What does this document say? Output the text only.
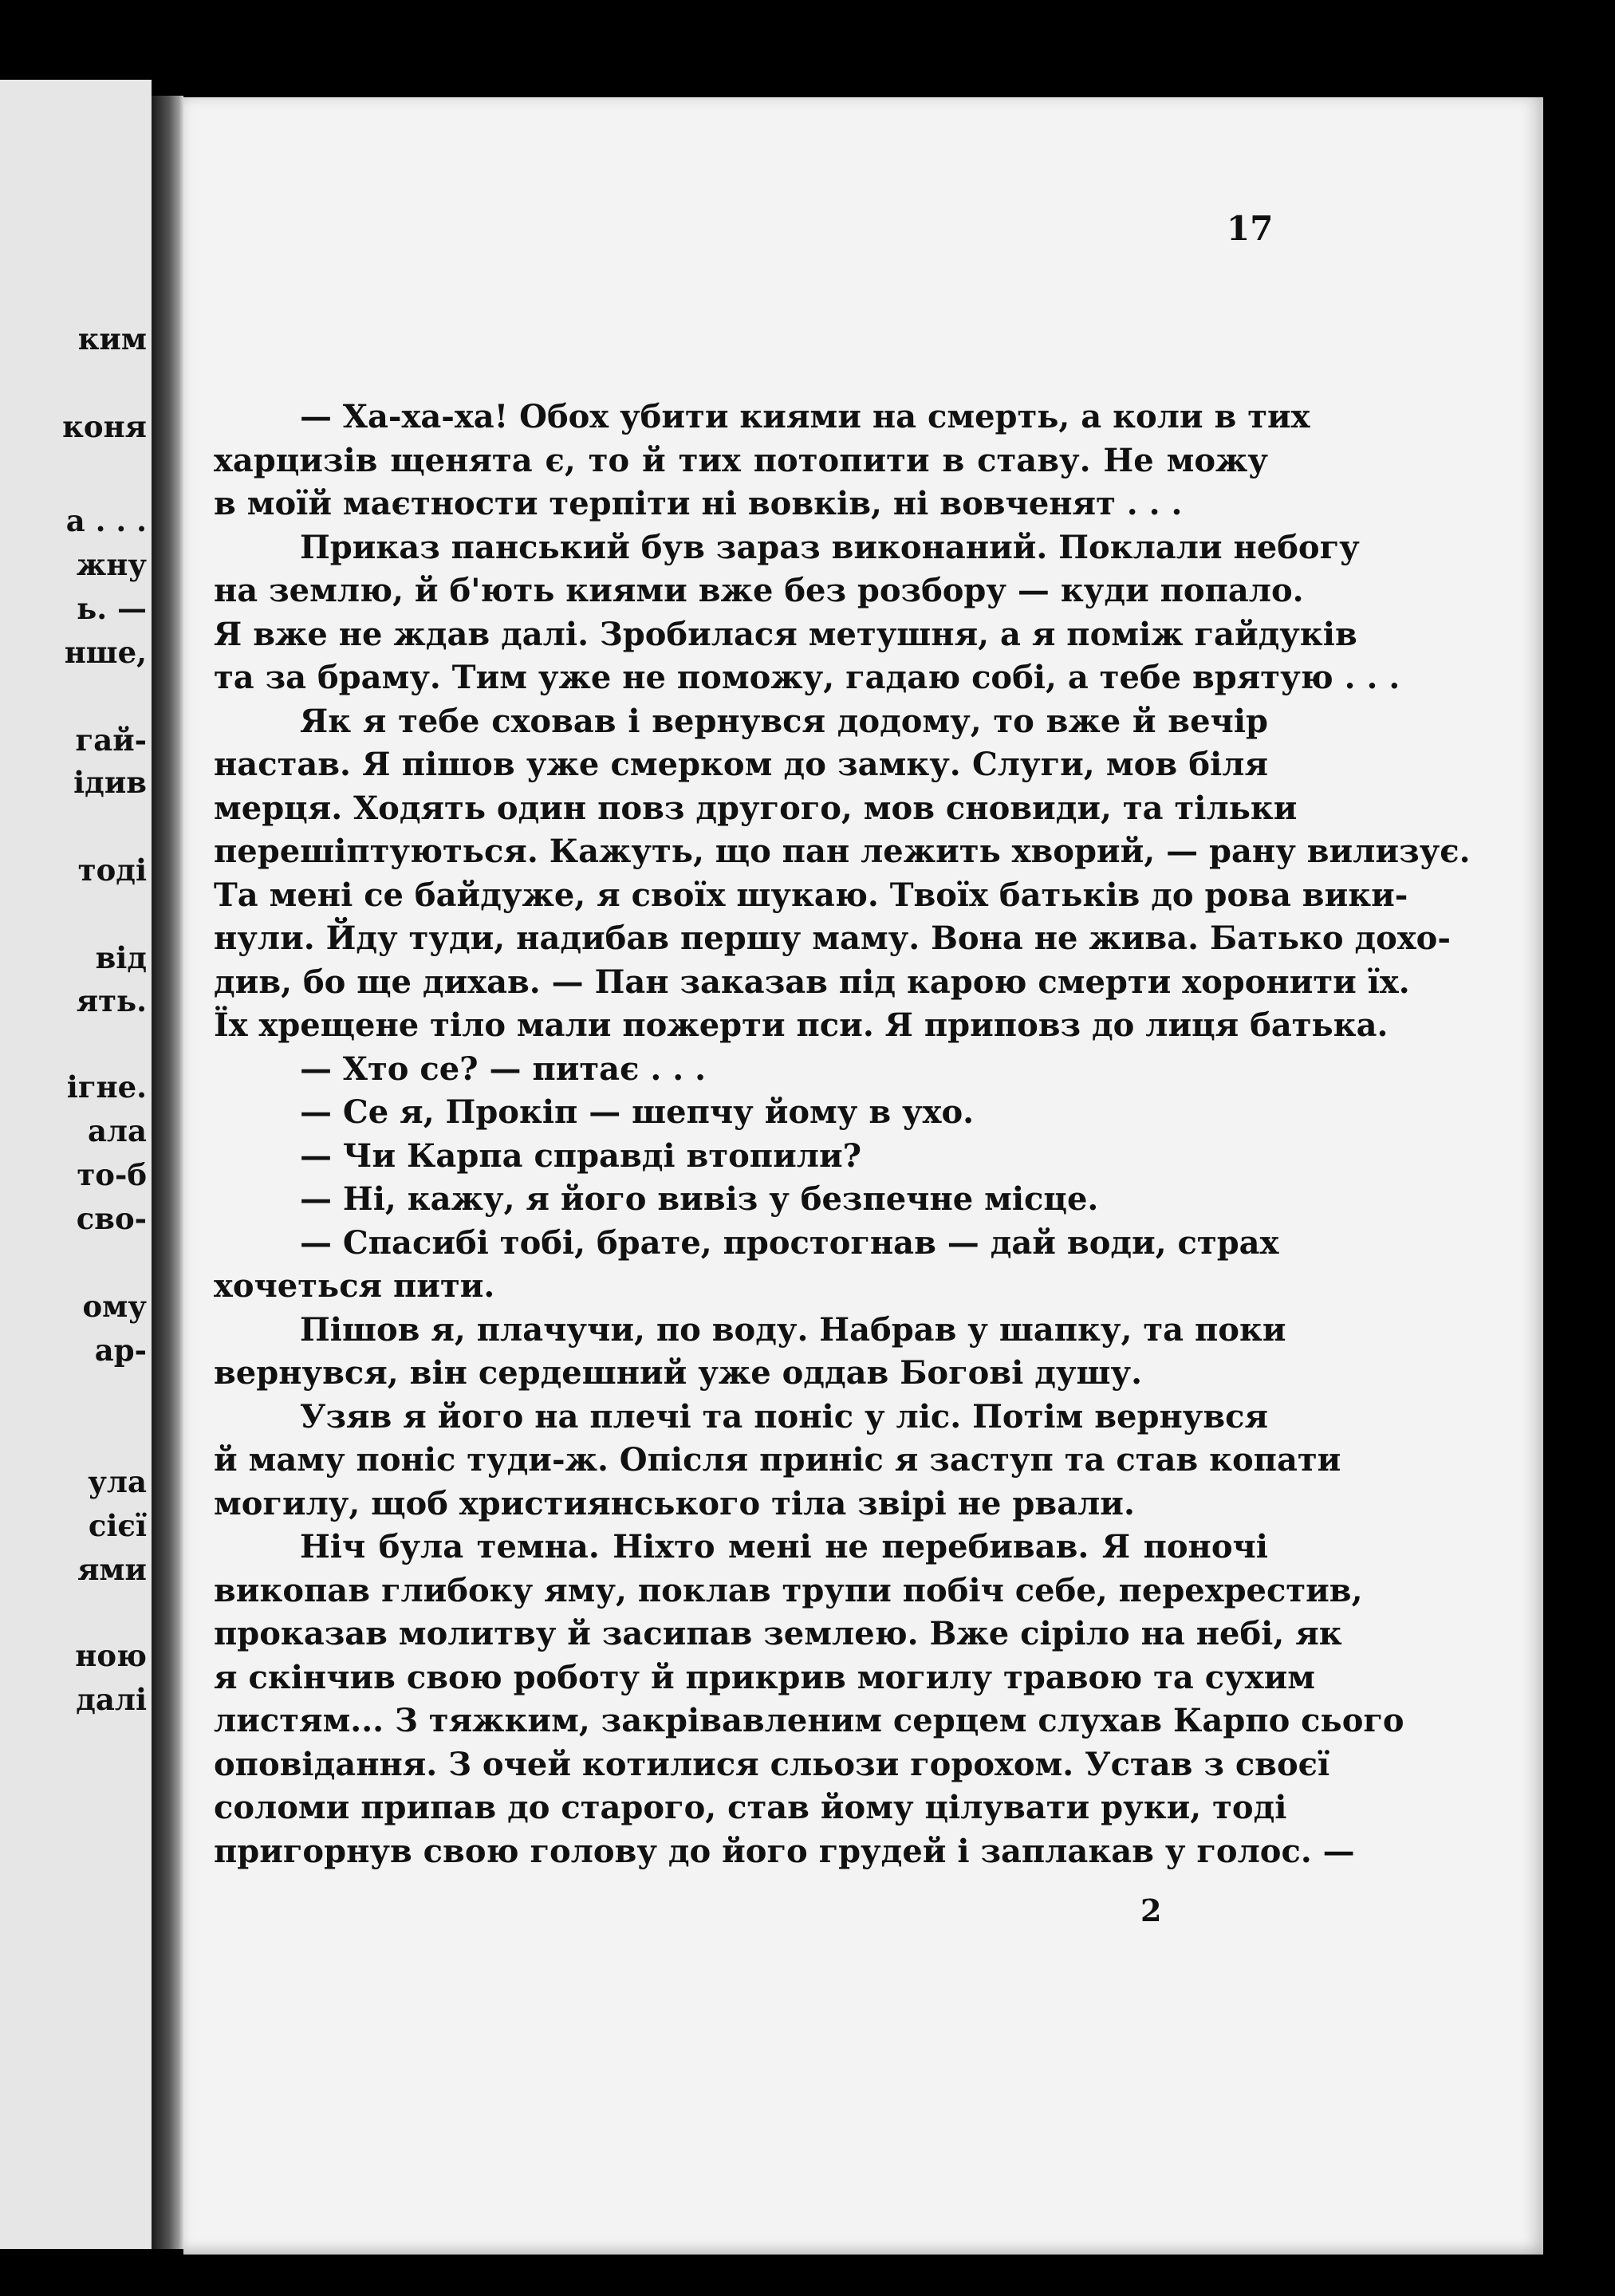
ким
коня
а . . .
жну
ь. —
нше,
гай-
ідив
тоді
від
ять.
ігне.
ала
то-б
сво-
ому
ар-
ула
сієї
ями
ною
далі
17
— Ха-ха-ха! Обох убити киями на смерть, а коли в тих
харцизів щенята є, то й тих потопити в ставу. Не можу
в моїй маєтности терпіти ні вовків, ні вовченят . . .
Приказ панський був зараз виконаний. Поклали небогу
на землю, й б'ють киями вже без розбору — куди попало.
Я вже не ждав далі. Зробилася метушня, а я поміж гайдуків
та за браму. Тим уже не поможу, гадаю собі, а тебе врятую . . .
Як я тебе сховав і вернувся додому, то вже й вечір
настав. Я пішов уже смерком до замку. Слуги, мов біля
мерця. Ходять один повз другого, мов сновиди, та тільки
перешіптуються. Кажуть, що пан лежить хворий, — рану вилизує.
Та мені се байдуже, я своїх шукаю. Твоїх батьків до рова вики-
нули. Йду туди, надибав першу маму. Вона не жива. Батько дохо-
див, бо ще дихав. — Пан заказав під карою смерти хоронити їх.
Їх хрещене тіло мали пожерти пси. Я приповз до лиця батька.
— Хто се? — питає . . .
— Се я, Прокіп — шепчу йому в ухо.
— Чи Карпа справді втопили?
— Ні, кажу, я його вивіз у безпечне місце.
— Спасибі тобі, брате, простогнав — дай води, страх
хочеться пити.
Пішов я, плачучи, по воду. Набрав у шапку, та поки
вернувся, він сердешний уже оддав Богові душу.
Узяв я його на плечі та поніс у ліс. Потім вернувся
й маму поніс туди-ж. Опісля приніс я заступ та став копати
могилу, щоб християнського тіла звірі не рвали.
Ніч була темна. Ніхто мені не перебивав. Я поночі
викопав глибоку яму, поклав трупи побіч себе, перехрестив,
проказав молитву й засипав землею. Вже сіріло на небі, як
я скінчив свою роботу й прикрив могилу травою та сухим
листям... З тяжким, закрівавленим серцем слухав Карпо сього
оповідання. З очей котилися сльози горохом. Устав з своєї
соломи припав до старого, став йому цілувати руки, тоді
пригорнув свою голову до його грудей і заплакав у голос. —
2
